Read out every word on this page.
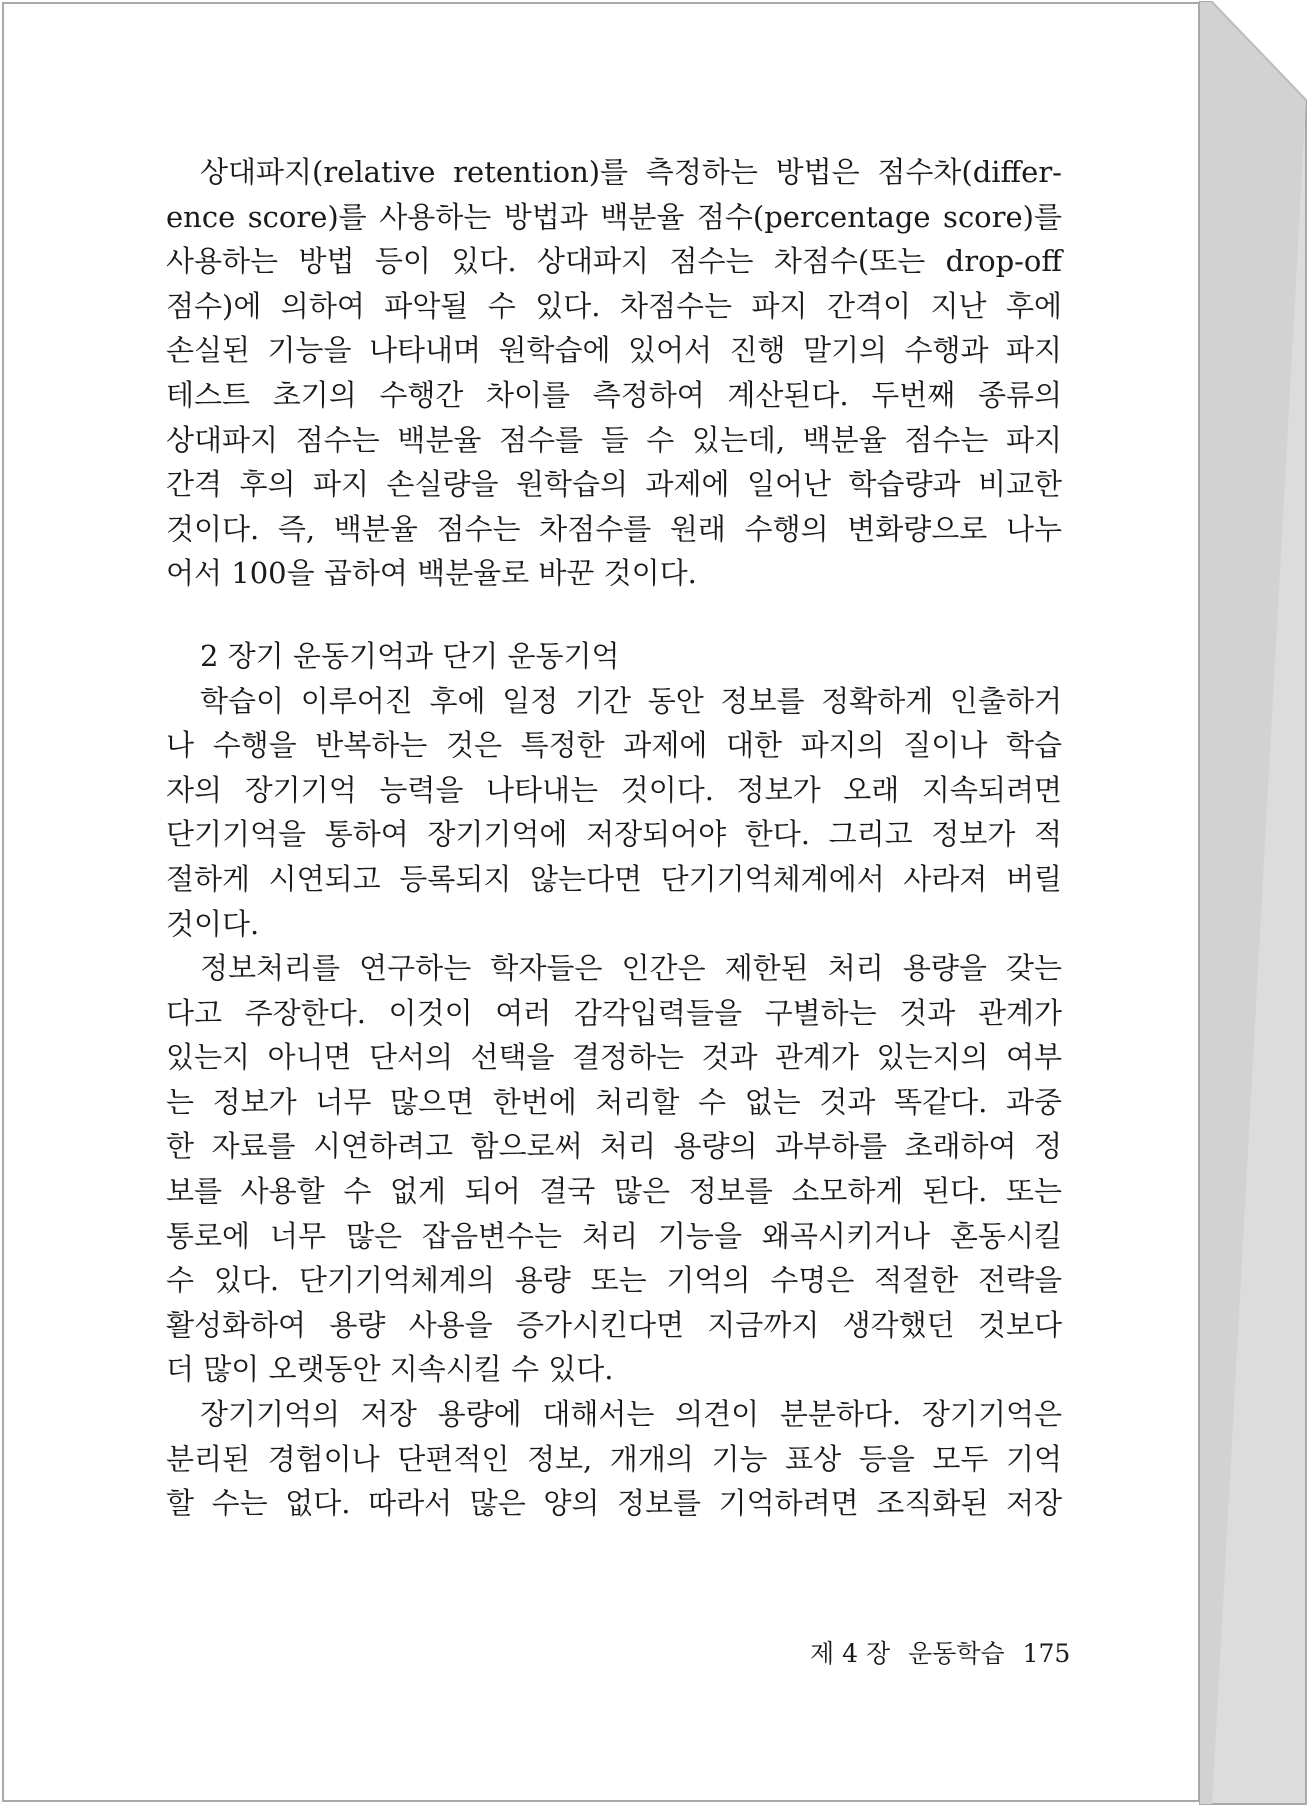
상대파지(relative retention)를 측정하는 방법은 점수차(differ-
ence score)를 사용하는 방법과 백분율 점수(percentage score)를
사용하는 방법 등이 있다. 상대파지 점수는 차점수(또는 drop-off
점수)에 의하여 파악될 수 있다. 차점수는 파지 간격이 지난 후에
손실된 기능을 나타내며 원학습에 있어서 진행 말기의 수행과 파지
테스트 초기의 수행간 차이를 측정하여 계산된다. 두번째 종류의
상대파지 점수는 백분율 점수를 들 수 있는데, 백분율 점수는 파지
간격 후의 파지 손실량을 원학습의 과제에 일어난 학습량과 비교한
것이다. 즉, 백분율 점수는 차점수를 원래 수행의 변화량으로 나누
어서 100을 곱하여 백분율로 바꾼 것이다.
2 장기 운동기억과 단기 운동기억
학습이 이루어진 후에 일정 기간 동안 정보를 정확하게 인출하거
나 수행을 반복하는 것은 특정한 과제에 대한 파지의 질이나 학습
자의 장기기억 능력을 나타내는 것이다. 정보가 오래 지속되려면
단기기억을 통하여 장기기억에 저장되어야 한다. 그리고 정보가 적
절하게 시연되고 등록되지 않는다면 단기기억체계에서 사라져 버릴
것이다.
정보처리를 연구하는 학자들은 인간은 제한된 처리 용량을 갖는
다고 주장한다. 이것이 여러 감각입력들을 구별하는 것과 관계가
있는지 아니면 단서의 선택을 결정하는 것과 관계가 있는지의 여부
는 정보가 너무 많으면 한번에 처리할 수 없는 것과 똑같다. 과중
한 자료를 시연하려고 함으로써 처리 용량의 과부하를 초래하여 정
보를 사용할 수 없게 되어 결국 많은 정보를 소모하게 된다. 또는
통로에 너무 많은 잡음변수는 처리 기능을 왜곡시키거나 혼동시킬
수 있다. 단기기억체계의 용량 또는 기억의 수명은 적절한 전략을
활성화하여 용량 사용을 증가시킨다면 지금까지 생각했던 것보다
더 많이 오랫동안 지속시킬 수 있다.
장기기억의 저장 용량에 대해서는 의견이 분분하다. 장기기억은
분리된 경험이나 단편적인 정보, 개개의 기능 표상 등을 모두 기억
할 수는 없다. 따라서 많은 양의 정보를 기억하려면 조직화된 저장
제 4 장 운동학습 175
